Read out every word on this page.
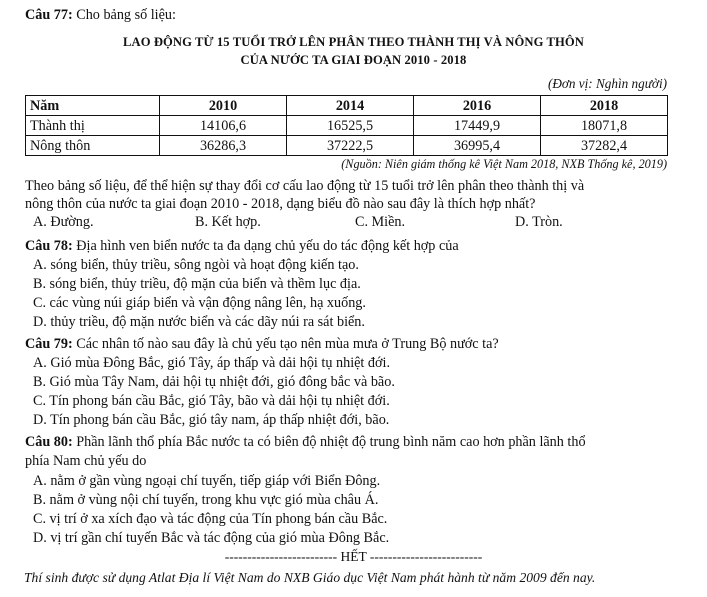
Câu 77: Cho bảng số liệu:
LAO ĐỘNG TỪ 15 TUỔI TRỞ LÊN PHÂN THEO THÀNH THỊ VÀ NÔNG THÔN
CỦA NƯỚC TA GIAI ĐOẠN 2010 - 2018
(Đơn vị: Nghìn người)
Năm	2010	2014	2016	2018
Thành thị	14106,6	16525,5	17449,9	18071,8
Nông thôn	36286,3	37222,5	36995,4	37282,4
(Nguồn: Niên giám thống kê Việt Nam 2018, NXB Thống kê, 2019)
Theo bảng số liệu, để thể hiện sự thay đổi cơ cấu lao động từ 15 tuổi trở lên phân theo thành thị và
nông thôn của nước ta giai đoạn 2010 - 2018, dạng biểu đồ nào sau đây là thích hợp nhất?
A. Đường.	B. Kết hợp.	C. Miền.	D. Tròn.
Câu 78: Địa hình ven biển nước ta đa dạng chủ yếu do tác động kết hợp của
A. sóng biển, thủy triều, sông ngòi và hoạt động kiến tạo.
B. sóng biển, thủy triều, độ mặn của biển và thềm lục địa.
C. các vùng núi giáp biển và vận động nâng lên, hạ xuống.
D. thủy triều, độ mặn nước biển và các dãy núi ra sát biển.
Câu 79: Các nhân tố nào sau đây là chủ yếu tạo nên mùa mưa ở Trung Bộ nước ta?
A. Gió mùa Đông Bắc, gió Tây, áp thấp và dải hội tụ nhiệt đới.
B. Gió mùa Tây Nam, dải hội tụ nhiệt đới, gió đông bắc và bão.
C. Tín phong bán cầu Bắc, gió Tây, bão và dải hội tụ nhiệt đới.
D. Tín phong bán cầu Bắc, gió tây nam, áp thấp nhiệt đới, bão.
Câu 80: Phần lãnh thổ phía Bắc nước ta có biên độ nhiệt độ trung bình năm cao hơn phần lãnh thổ
phía Nam chủ yếu do
A. nằm ở gần vùng ngoại chí tuyến, tiếp giáp với Biển Đông.
B. nằm ở vùng nội chí tuyến, trong khu vực gió mùa châu Á.
C. vị trí ở xa xích đạo và tác động của Tín phong bán cầu Bắc.
D. vị trí gần chí tuyến Bắc và tác động của gió mùa Đông Bắc.
------------------------- HẾT -------------------------
Thí sinh được sử dụng Atlat Địa lí Việt Nam do NXB Giáo dục Việt Nam phát hành từ năm 2009 đến nay.
